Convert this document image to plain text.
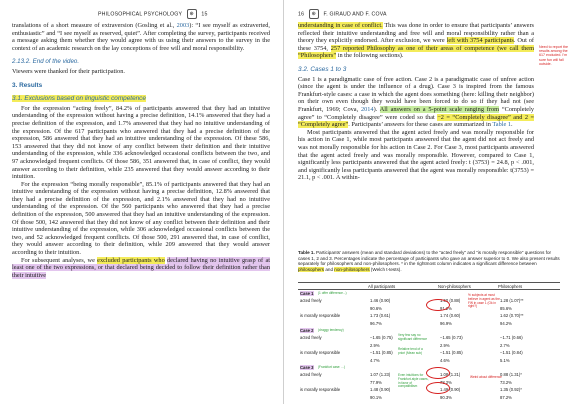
PHILOSOPHICAL PSYCHOLOGY ⊕ 15

translations of a short measure of extraversion (Gosling et al., 2003): “I see myself as extraverted, enthusiastic” and “I see myself as reserved, quiet”. After completing the survey, participants received a message asking them whether they would agree with us using their answers to the survey in the context of an academic research on the lay conceptions of free will and moral responsibility.

2.13.2. End of the video.

Viewers were thanked for their participation.

3. Results
3.1. Exclusions based on linguistic competence

For the expression “acting freely”, 84.2% of participants answered that they had an intuitive understanding of the expression without having a precise definition, 14.1% answered that they had a precise definition of the expression, and 1.7% answered that they had no intuitive understanding of the expression. Of the 617 participants who answered that they had a precise definition of the expression, 586 answered that they had an intuitive understanding of the expression. Of these 586, 153 answered that they did not know of any conflict between their definition and their intuitive understanding of the expression, while 336 acknowledged occasional conflicts between the two, and 97 acknowledged frequent conflicts. Of those 586, 351 answered that, in case of conflict, they would answer according to their definition, while 235 answered that they would answer according to their intuition.

For the expression “being morally responsible”, 85.1% of participants answered that they had an intuitive understanding of the expression without having a precise definition, 12.8% answered that they had a precise definition of the expression, and 2.1% answered that they had no intuitive understanding of the expression. Of the 560 participants who answered that they had a precise definition of the expression, 500 answered that they had an intuitive understanding of the expression. Of those 500, 142 answered that they did not know of any conflict between their definition and their intuitive understanding of the expression, while 306 acknowledged occasional conflicts between the two, and 52 acknowledged frequent conflicts. Of those 500, 291 answered that, in case of conflict, they would answer according to their definition, while 209 answered that they would answer according to their intuition.

For subsequent analyses, we excluded participants who declared having no intuitive grasp of at least one of the two expressions, or that declared being decided to follow their definition rather than their intuitive

16 ⊕ F. GIRAUD AND F. COVA
Need to report the results among the 617 excluded. I’m sure fun will fall outside.

understanding in case of conflict. This was done in order to ensure that participants’ answers reflected their intuitive understanding and free will and moral responsibility rather than a theory they explicitly endorsed. After exclusion, we were left with 3754 participants. Out of these 3754, 257 reported Philosophy as one of their areas of competence (we call them “Philosophers” in the following sections).

3.2. Cases 1 to 3

Case 1 is a paradigmatic case of free action. Case 2 is a paradigmatic case of unfree action (since the agent is under the influence of a drug). Case 3 is inspired from the famous Frankfurt-style cases: a case in which the agent does something (here: killing their neighbor) on their own even though they would have been forced to do so if they had not (see Frankfurt, 1969; Cova, 2014). All answers on a 5-point scale ranging from “Completely agree” to “Completely disagree” were coded so that −2 = “Completely disagree” and 2 = “Completely agree”. Participants’ answers for these cases are summarized in Table 1.

Most participants answered that the agent acted freely and was morally responsible for his action in Case 1, while most participants answered that the agent did not act freely and was not morally responsible for his action in Case 2. For Case 3, most participants answered that the agent acted freely and was morally responsible. However, compared to Case 1, significantly less participants answered that the agent acted freely: t (3753) = 24.8, p < .001, and significantly less participants answered that the agent was morally responsible: t(3753) = 21.1, p < .001. A within-

Table 1. Participants’ answers (mean and standard deviations) to the “acted freely” and “is morally responsible” questions for cases 1, 2 and 3. Percentages indicate the percentage of participants who gave an answer superior to 0. We also present results separately for philosophers and non-philosophers. * in the rightmost column indicates a significant difference between philosophers and non-philosophers (Welch t-tests).
All participants	Non-philosophers	Philosophers
Case 1 (1 offer difference...)
acted freely	1.46 (0.90)	1.50 (0.88)	1.28 (1.07)**
90.6%	91.2%	85.6%
is morally responsible	1.73 (0.61)	1.74 (0.60)	1.62 (0.70)**
96.7%	96.9%	94.2%
Case 2 (druggy tendency)
acted freely	−1.65 (0.75)	−1.65 (0.73)	−1.71 (0.66)
2.9%	2.9%	2.7%
is morally responsible	−1.51 (0.85)	−1.51 (0.85)	−1.51 (0.84)
4.7%	4.6%	5.1%
Case 3 (Frankfurt case: ...)
acted freely	1.07 (1.23)	1.08 (1.21)	0.88 (1.31)*
77.9%	78.2%	73.2%
is morally responsible	1.48 (0.90)	1.49 (0.90)	1.35 (0.92)*
90.1%	90.3%	87.2%
% subjects at most believe in agent as the FW in case 1 (Ok in right?)
Very few say no significant difference
Relative tend of a priori (Mean sub)
Even intuitions for Frankfurt-style cases, in favor of compatibilism
Weird about difference
